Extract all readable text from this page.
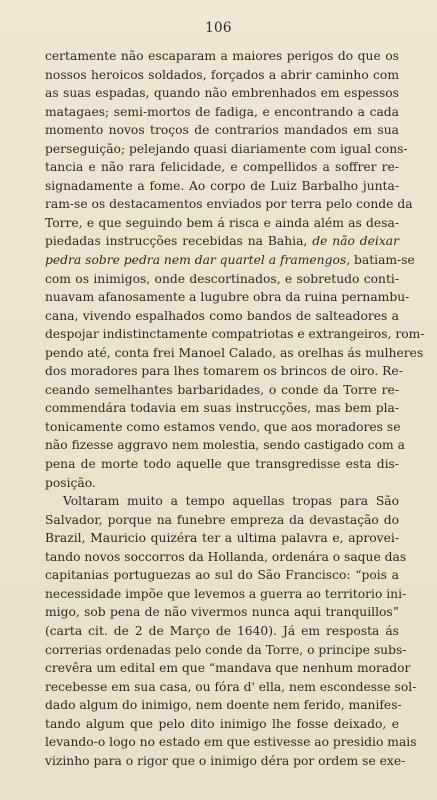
106
certamente não escaparam a maiores perigos do que os
nossos heroicos soldados, forçados a abrir caminho com
as suas espadas, quando não embrenhados em espessos
matagaes; semi-mortos de fadiga, e encontrando a cada
momento novos troços de contrarios mandados em sua
perseguição; pelejando quasi diariamente com igual cons-
tancia e não rara felicidade, e compellidos a soffrer re-
signadamente a fome. Ao corpo de Luiz Barbalho junta-
ram-se os destacamentos enviados por terra pelo conde da
Torre, e que seguindo bem á risca e ainda além as desa-
piedadas instrucções recebidas na Bahia, de não deixar
pedra sobre pedra nem dar quartel a framengos, batiam-se
com os inimigos, onde descortinados, e sobretudo conti-
nuavam afanosamente a lugubre obra da ruina pernambu-
cana, vivendo espalhados como bandos de salteadores a
despojar indistinctamente compatriotas e extrangeiros, rom-
pendo até, conta frei Manoel Calado, as orelhas ás mulheres
dos moradores para lhes tomarem os brincos de oiro. Re-
ceando semelhantes barbaridades, o conde da Torre re-
commendára todavia em suas instrucções, mas bem pla-
tonicamente como estamos vendo, que aos moradores se
não fizesse aggravo nem molestia, sendo castigado com a
pena de morte todo aquelle que transgredisse esta dis-
posição.
Voltaram muito a tempo aquellas tropas para São
Salvador, porque na funebre empreza da devastação do
Brazil, Mauricio quizéra ter a ultima palavra e, aprovei-
tando novos soccorros da Hollanda, ordenára o saque das
capitanias portuguezas ao sul do São Francisco: “pois a
necessidade impõe que levemos a guerra ao territorio ini-
migo, sob pena de não vivermos nunca aqui tranquillos”
(carta cit. de 2 de Março de 1640). Já em resposta ás
correrias ordenadas pelo conde da Torre, o principe subs-
crevêra um edital em que “mandava que nenhum morador
recebesse em sua casa, ou fóra d' ella, nem escondesse sol-
dado algum do inimigo, nem doente nem ferido, manifes-
tando algum que pelo dito inimigo lhe fosse deixado, e
levando-o logo no estado em que estivesse ao presidio mais
vizinho para o rigor que o inimigo déra por ordem se exe-
